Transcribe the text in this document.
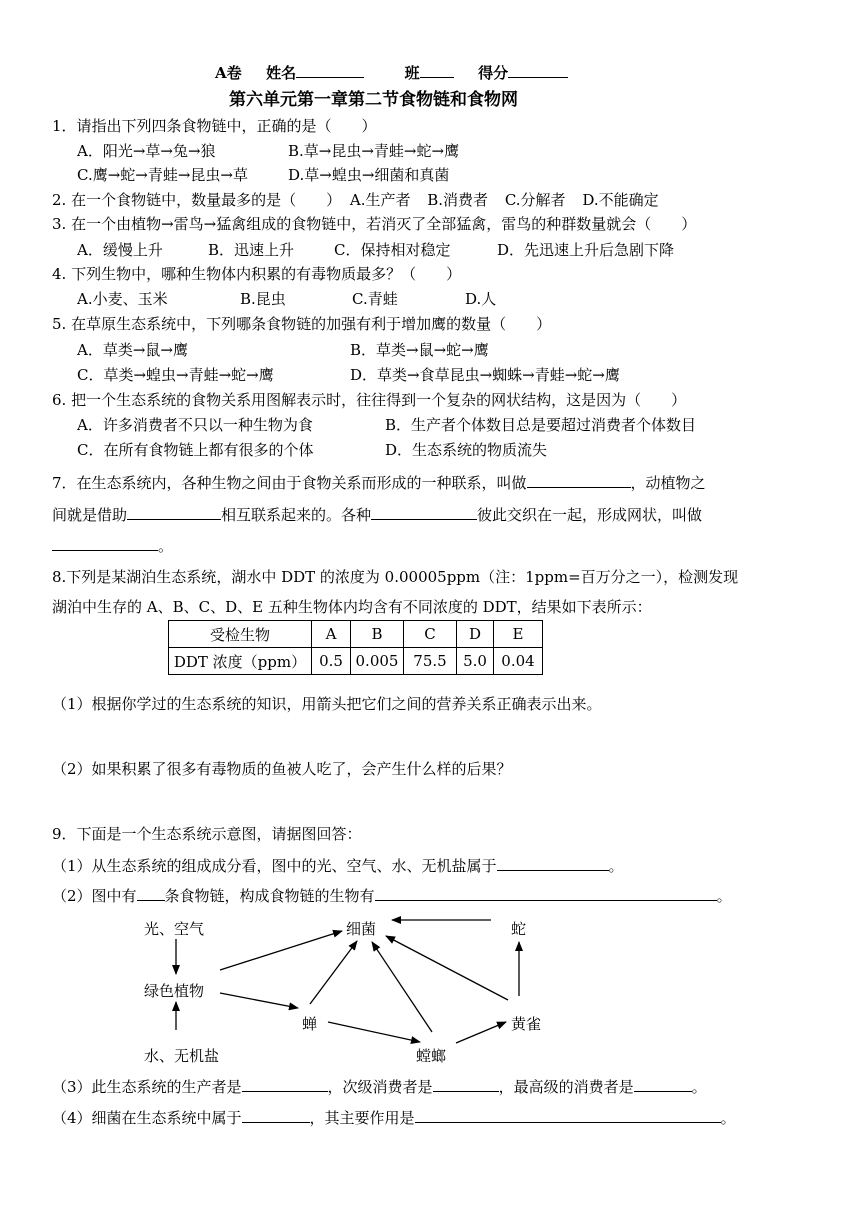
A卷 姓名	班	得分
第六单元第一章第二节食物链和食物网
1．请指出下列四条食物链中，正确的是（　　）
A．阳光→草→兔→狼	B.草→昆虫→青蛙→蛇→鹰
C.鹰→蛇→青蛙→昆虫→草	D.草→蝗虫→细菌和真菌
2. 在一个食物链中，数量最多的是（　　） A.生产者 B.消费者 C.分解者 D.不能确定
3. 在一个由植物→雷鸟→猛禽组成的食物链中，若消灭了全部猛禽，雷鸟的种群数量就会（　　）
A．缓慢上升	B．迅速上升	C．保持相对稳定	D．先迅速上升后急剧下降
4. 下列生物中，哪种生物体内积累的有毒物质最多？（　　）
A.小麦、玉米	B.昆虫	C.青蛙	D.人
5. 在草原生态系统中，下列哪条食物链的加强有利于增加鹰的数量（　　）
A．草类→鼠→鹰	B．草类→鼠→蛇→鹰
C．草类→蝗虫→青蛙→蛇→鹰	D．草类→食草昆虫→蜘蛛→青蛙→蛇→鹰
6. 把一个生态系统的食物关系用图解表示时，往往得到一个复杂的网状结构，这是因为（　　）
A．许多消费者不只以一种生物为食	B．生产者个体数目总是要超过消费者个体数目
C．在所有食物链上都有很多的个体	D．生态系统的物质流失
7．在生态系统内，各种生物之间由于食物关系而形成的一种联系，叫做	，动植物之
间就是借助	相互联系起来的。各种	彼此交织在一起，形成网状，叫做
。
8.下列是某湖泊生态系统，湖水中 DDT 的浓度为 0.00005ppm（注：1ppm=百万分之一），检测发现
湖泊中生存的 A、B、C、D、E 五种生物体内均含有不同浓度的 DDT，结果如下表所示：
受检生物	A	B	C	D	E
DDT 浓度（ppm）	0.5	0.005	75.5	5.0	0.04
（1）根据你学过的生态系统的知识，用箭头把它们之间的营养关系正确表示出来。
（2）如果积累了很多有毒物质的鱼被人吃了，会产生什么样的后果？
9．下面是一个生态系统示意图，请据图回答：
（1）从生态系统的组成成分看，图中的光、空气、水、无机盐属于	。
（2）图中有 条食物链，构成食物链的生物有	。
光、空气	细菌	蛇
绿色植物
蝉	黄雀
水、无机盐	螳螂
（3）此生态系统的生产者是	，次级消费者是	，最高级的消费者是	。
（4）细菌在生态系统中属于	，其主要作用是	。
